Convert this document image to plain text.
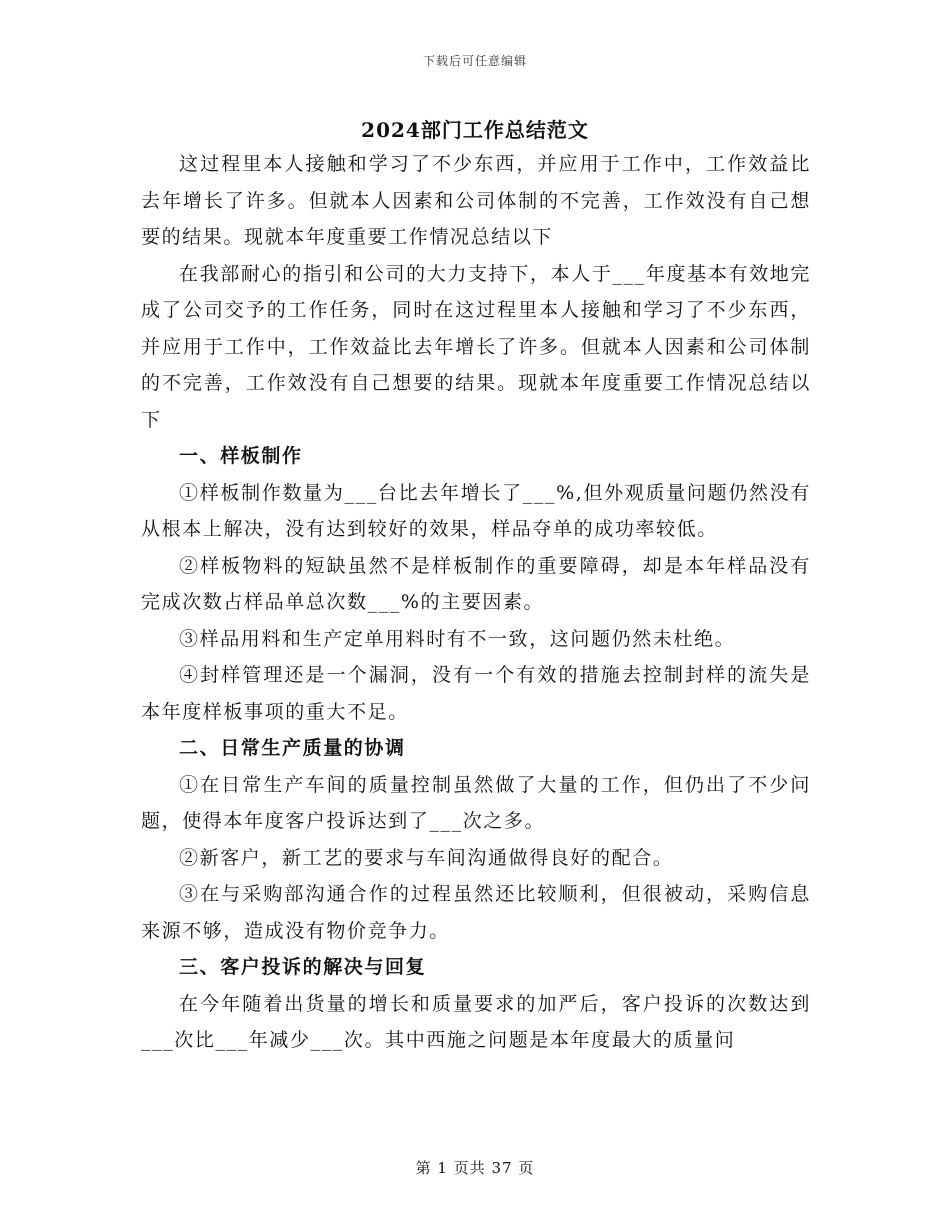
下载后可任意编辑
2024部门工作总结范文

这过程里本人接触和学习了不少东西，并应用于工作中，工作效益比去年增长了许多。但就本人因素和公司体制的不完善，工作效没有自己想要的结果。现就本年度重要工作情况总结以下

在我部耐心的指引和公司的大力支持下，本人于___年度基本有效地完成了公司交予的工作任务，同时在这过程里本人接触和学习了不少东西，并应用于工作中，工作效益比去年增长了许多。但就本人因素和公司体制的不完善，工作效没有自己想要的结果。现就本年度重要工作情况总结以下

一、样板制作

①样板制作数量为___台比去年增长了___%,但外观质量问题仍然没有从根本上解决，没有达到较好的效果，样品夺单的成功率较低。

②样板物料的短缺虽然不是样板制作的重要障碍，却是本年样品没有完成次数占样品单总次数___%的主要因素。

③样品用料和生产定单用料时有不一致，这问题仍然未杜绝。

④封样管理还是一个漏洞，没有一个有效的措施去控制封样的流失是本年度样板事项的重大不足。

二、日常生产质量的协调

①在日常生产车间的质量控制虽然做了大量的工作，但仍出了不少问题，使得本年度客户投诉达到了___次之多。

②新客户，新工艺的要求与车间沟通做得良好的配合。

③在与采购部沟通合作的过程虽然还比较顺利，但很被动，采购信息来源不够，造成没有物价竞争力。

三、客户投诉的解决与回复

在今年随着出货量的增长和质量要求的加严后，客户投诉的次数达到___次比___年减少___次。其中西施之问题是本年度最大的质量问

第 1 页共 37 页
